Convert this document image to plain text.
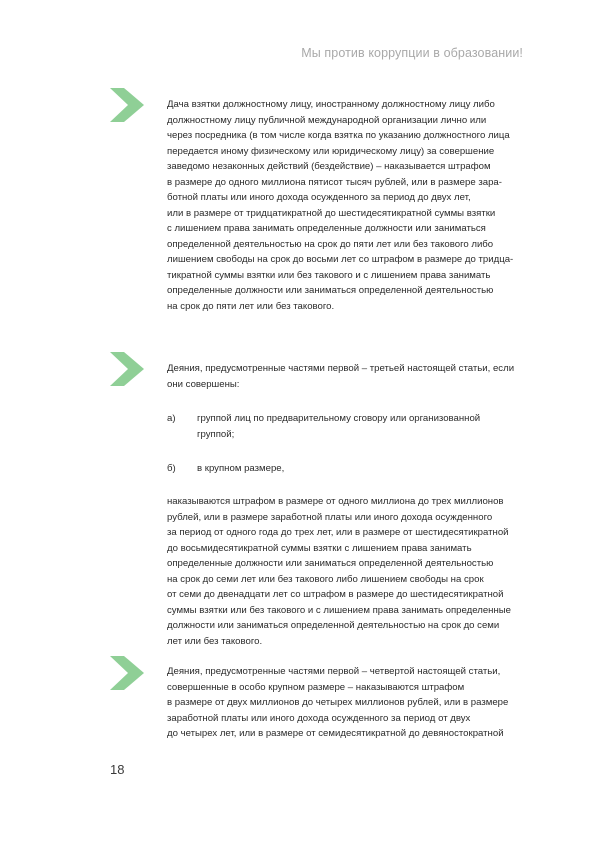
Мы против коррупции в образовании!
Дача взятки должностному лицу, иностранному должностному лицу либо
должностному лицу публичной международной организации лично или
через посредника (в том числе когда взятка по указанию должностного лица
передается иному физическому или юридическому лицу) за совершение
заведомо незаконных действий (бездействие) – наказывается штрафом
в размере до одного миллиона пятисот тысяч рублей, или в размере зара-
ботной платы или иного дохода осужденного за период до двух лет,
или в размере от тридцатикратной до шестидесятикратной суммы взятки
с лишением права занимать определенные должности или заниматься
определенной деятельностью на срок до пяти лет или без такового либо
лишением свободы на срок до восьми лет со штрафом в размере до тридца-
тикратной суммы взятки или без такового и с лишением права занимать
определенные должности или заниматься определенной деятельностью
на срок до пяти лет или без такового.
Деяния, предусмотренные частями первой – третьей настоящей статьи, если
они совершены:
а) группой лиц по предварительному сговору или организованной
группой;
б) в крупном размере,
наказываются штрафом в размере от одного миллиона до трех миллионов
рублей, или в размере заработной платы или иного дохода осужденного
за период от одного года до трех лет, или в размере от шестидесятикратной
до восьмидесятикратной суммы взятки с лишением права занимать
определенные должности или заниматься определенной деятельностью
на срок до семи лет или без такового либо лишением свободы на срок
от семи до двенадцати лет со штрафом в размере до шестидесятикратной
суммы взятки или без такового и с лишением права занимать определенные
должности или заниматься определенной деятельностью на срок до семи
лет или без такового.
Деяния, предусмотренные частями первой – четвертой настоящей статьи,
совершенные в особо крупном размере – наказываются штрафом
в размере от двух миллионов до четырех миллионов рублей, или в размере
заработной платы или иного дохода осужденного за период от двух
до четырех лет, или в размере от семидесятикратной до девяностократной
18
